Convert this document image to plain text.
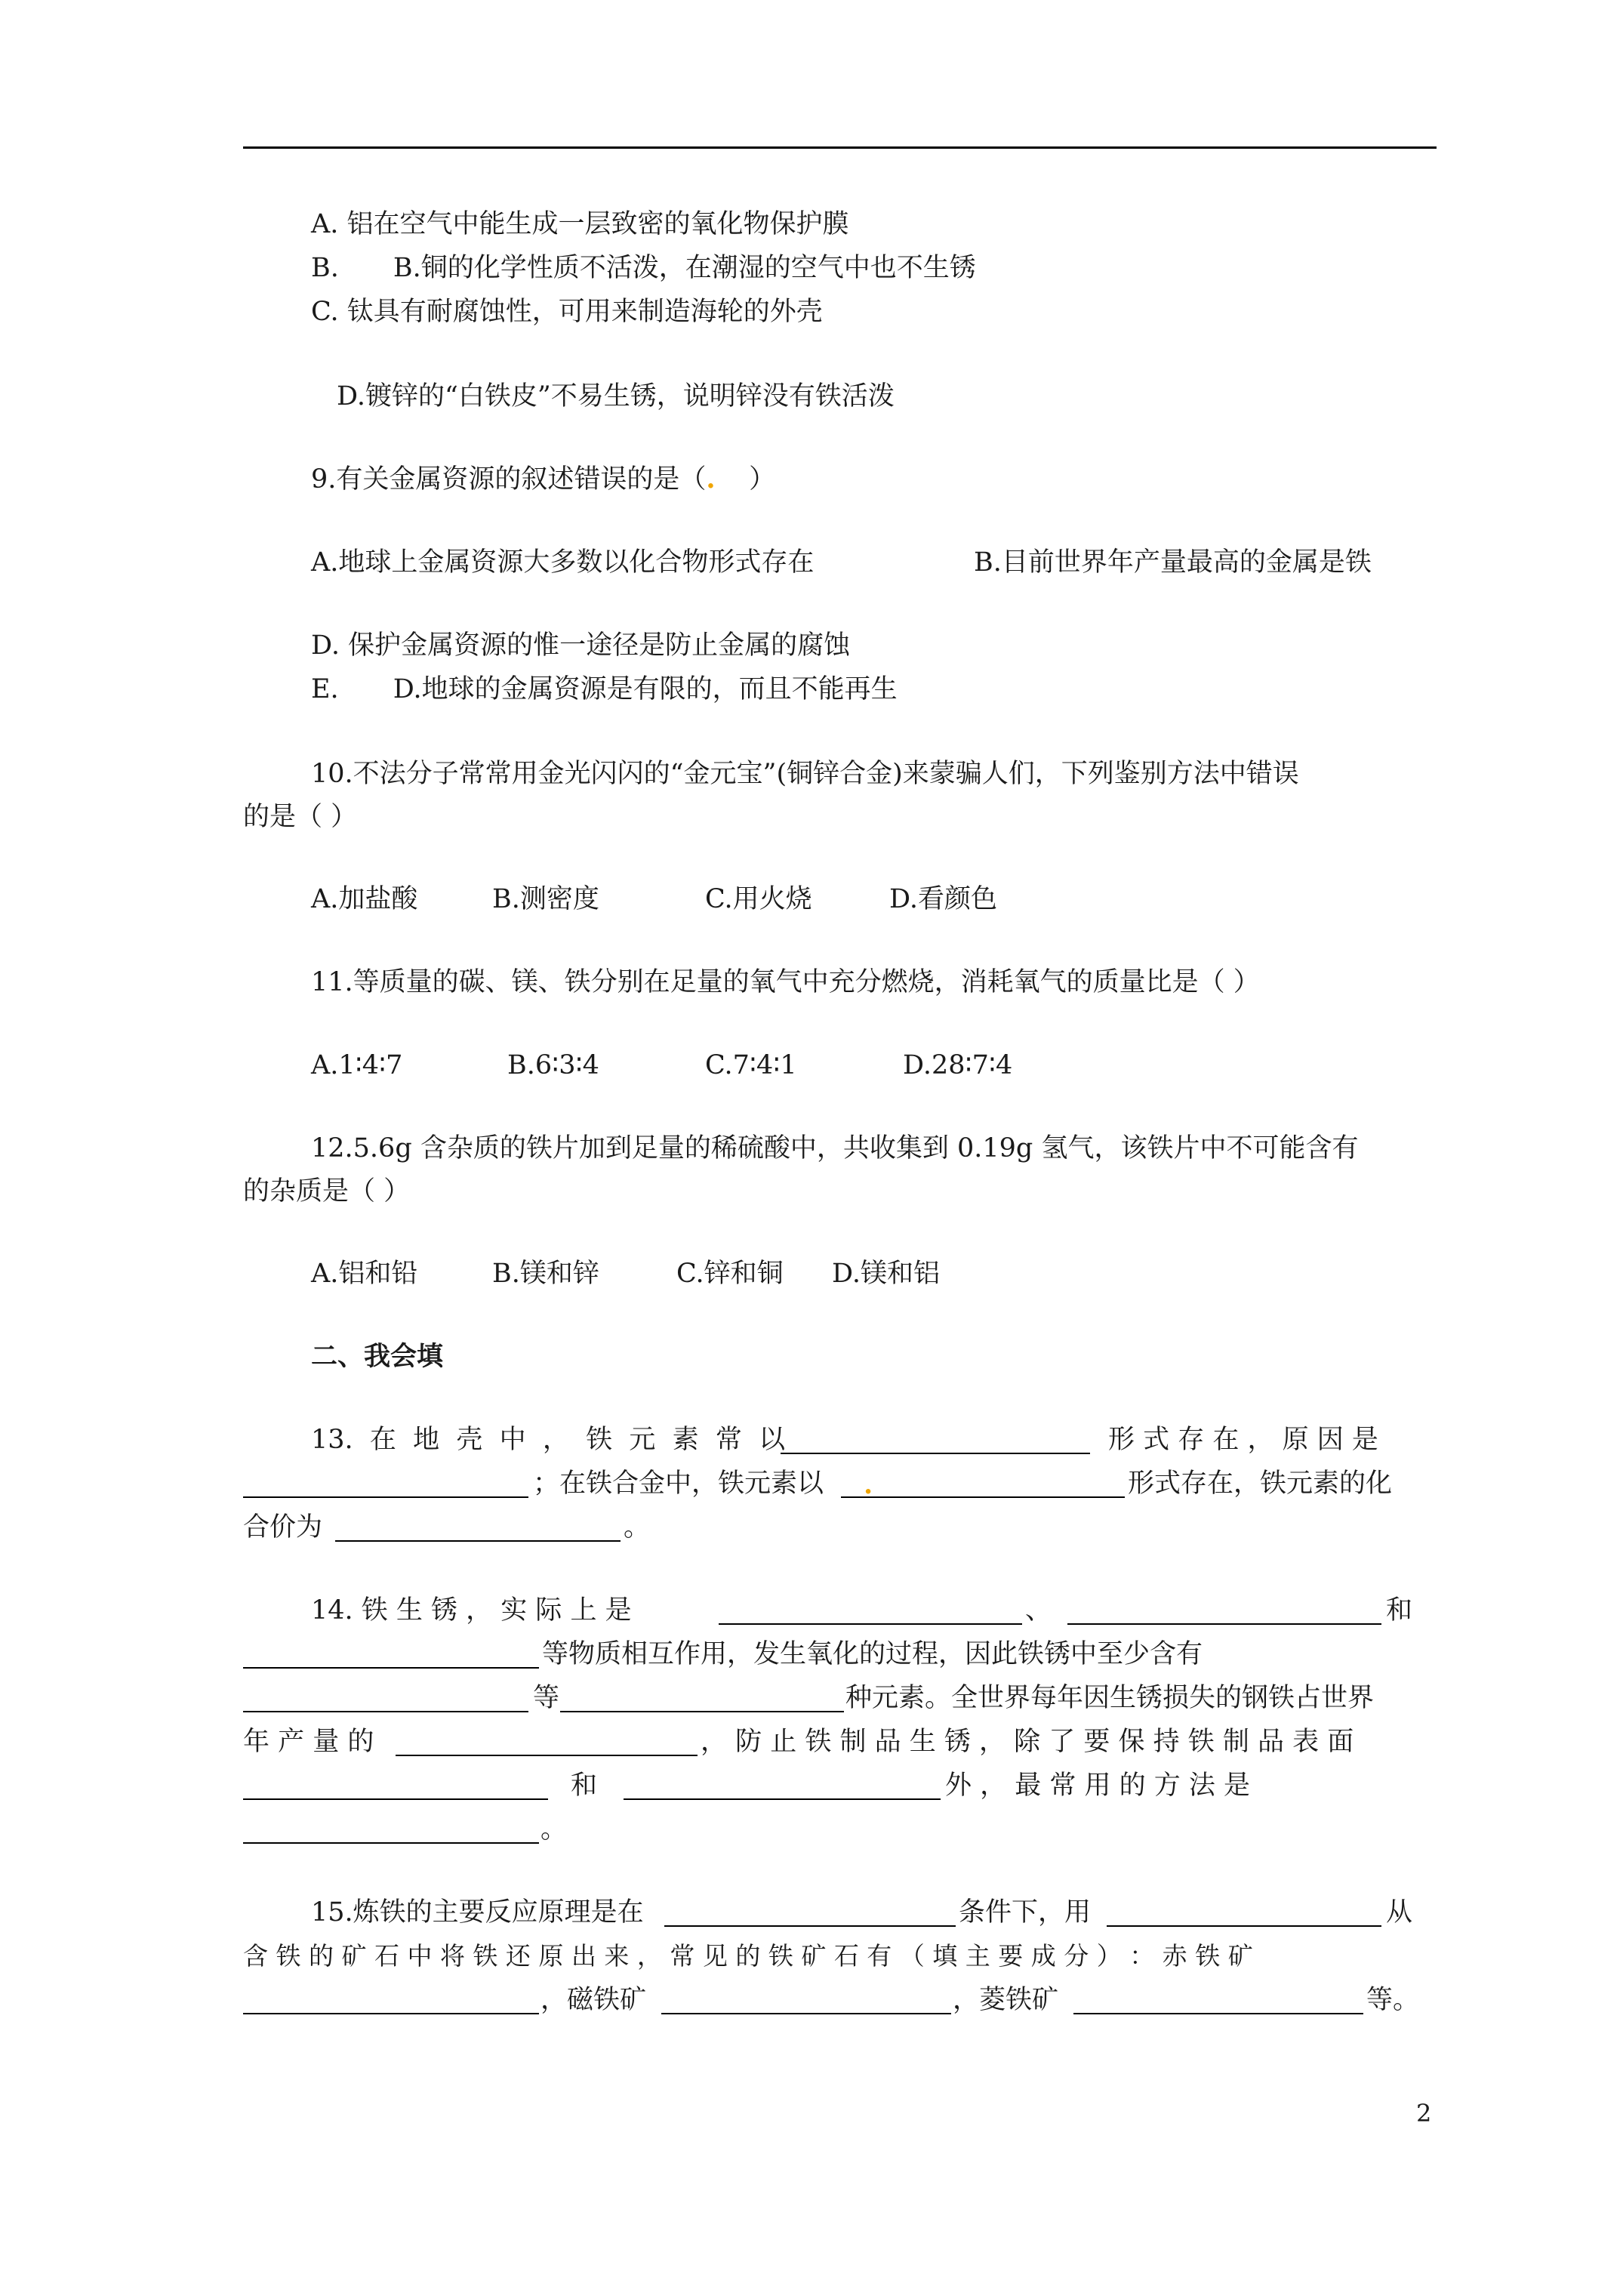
A. 铝在空气中能生成一层致密的氧化物保护膜
B. B.铜的化学性质不活泼，在潮湿的空气中也不生锈
C. 钛具有耐腐蚀性，可用来制造海轮的外壳
D.镀锌的“白铁皮”不易生锈，说明锌没有铁活泼
9.有关金属资源的叙述错误的是（.    ）
A.地球上金属资源大多数以化合物形式存在	B.目前世界年产量最高的金属是铁
D. 保护金属资源的惟一途径是防止金属的腐蚀
E. D.地球的金属资源是有限的，而且不能再生
10.不法分子常常用金光闪闪的“金元宝”(铜锌合金)来蒙骗人们，下列鉴别方法中错误
的是（ ）
A.加盐酸	B.测密度	C.用火烧	D.看颜色
11.等质量的碳、镁、铁分别在足量的氧气中充分燃烧，消耗氧气的质量比是（ ）
A.1∶4∶7	B.6∶3∶4	C.7∶4∶1	D.28∶7∶4
12.5.6g 含杂质的铁片加到足量的稀硫酸中，共收集到 0.19g 氢气，该铁片中不可能含有
的杂质是（ ）
A.铝和铅	B.镁和锌	C.锌和铜 D.镁和铝
二、我会填
13.  在  地  壳  中  ，  铁  元  素  常  以	形 式 存 在 ， 原 因 是
；在铁合金中，铁元素以 .	形式存在，铁元素的化
合价为	。
14. 铁 生 锈 ， 实 际 上 是	、	和
等物质相互作用，发生氧化的过程，因此铁锈中至少含有
等	种元素。全世界每年因生锈损失的钢铁占世界
年 产 量 的	， 防 止 铁 制 品 生 锈 ， 除 了 要 保 持 铁 制 品 表 面
和	外 ， 最 常 用 的 方 法 是
。
15.炼铁的主要反应原理是在	条件下，用	从
含 铁 的 矿 石 中 将 铁 还 原 出 来 ， 常 见 的 铁 矿 石 有 （ 填 主 要 成 分 ） ： 赤 铁 矿
，磁铁矿	，菱铁矿	等。
2
